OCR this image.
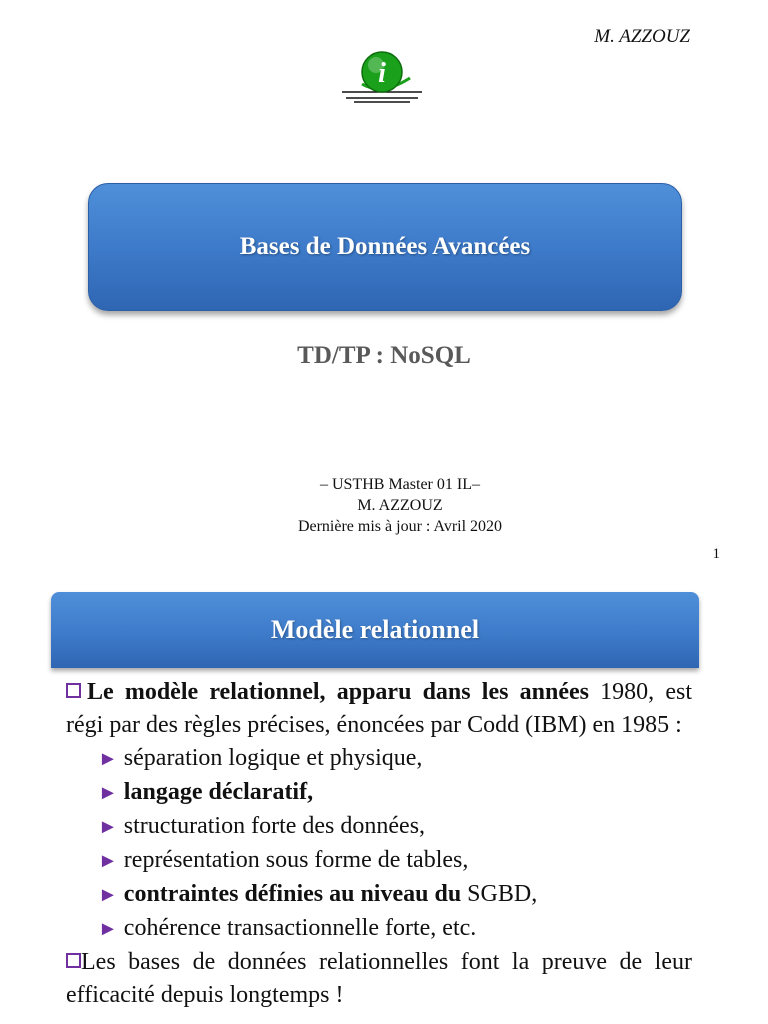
M. AZZOUZ
i
Bases de Données Avancées
TD/TP : NoSQL
– USTHB Master 01 IL–
M. AZZOUZ
Dernière mis à jour : Avril 2020
1
Modèle relationnel

Le modèle relationnel, apparu dans les années 1980, est régi par des règles précises, énoncées par Codd (IBM) en 1985 :

► séparation logique et physique,
► langage déclaratif,
► structuration forte des données,
► représentation sous forme de tables,
► contraintes définies au niveau du SGBD,
► cohérence transactionnelle forte, etc.

Les bases de données relationnelles font la preuve de leur efficacité depuis longtemps !
